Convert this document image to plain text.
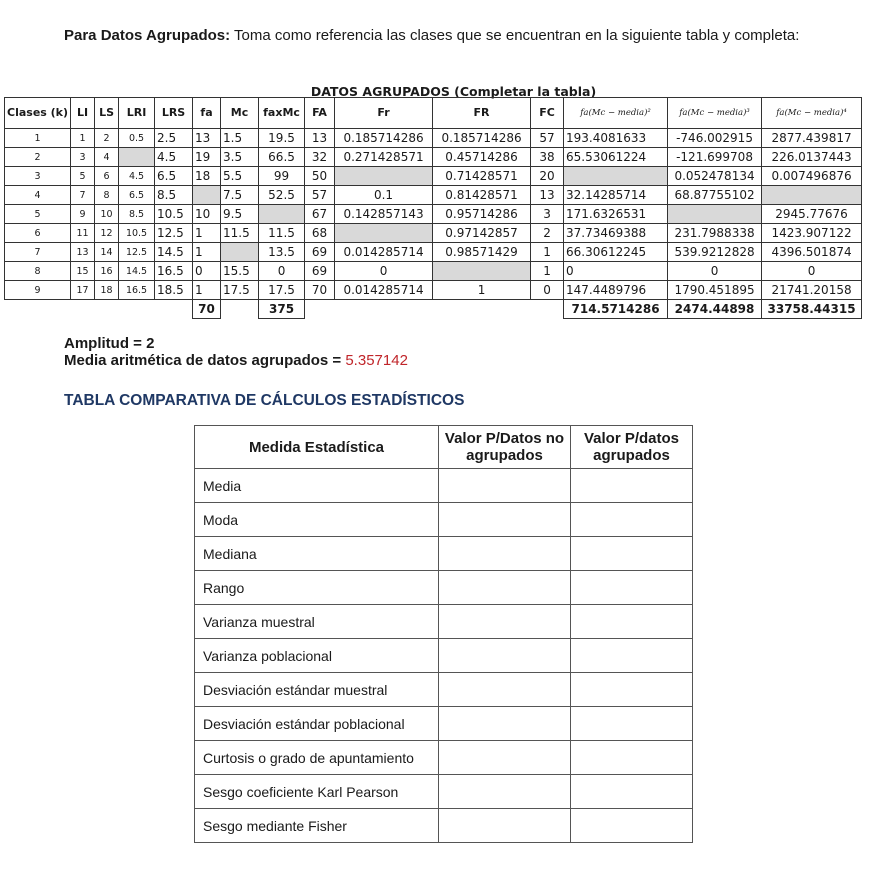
Para Datos Agrupados: Toma como referencia las clases que se encuentran en la siguiente tabla y completa:
DATOS AGRUPADOS (Completar la tabla)
Clases (k)	LI	LS	LRI	LRS	fa	Mc	faxMc	FA	Fr	FR	FC	fa(Mc − media)²	fa(Mc − media)³	fa(Mc − media)⁴
1	1	2	0.5	2.5	13	1.5	19.5	13	0.185714286	0.185714286	57	193.4081633	-746.002915	2877.439817
2	3	4		4.5	19	3.5	66.5	32	0.271428571	0.45714286	38	65.53061224	-121.699708	226.0137443
3	5	6	4.5	6.5	18	5.5	99	50		0.71428571	20		0.052478134	0.007496876
4	7	8	6.5	8.5		7.5	52.5	57	0.1	0.81428571	13	32.14285714	68.87755102	
5	9	10	8.5	10.5	10	9.5		67	0.142857143	0.95714286	3	171.6326531		2945.77676
6	11	12	10.5	12.5	1	11.5	11.5	68		0.97142857	2	37.73469388	231.7988338	1423.907122
7	13	14	12.5	14.5	1		13.5	69	0.014285714	0.98571429	1	66.30612245	539.9212828	4396.501874
8	15	16	14.5	16.5	0	15.5	0	69	0		1	0	0	0
9	17	18	16.5	18.5	1	17.5	17.5	70	0.014285714	1	0	147.4489796	1790.451895	21741.20158
					70		375					714.5714286	2474.44898	33758.44315
Amplitud = 2
Media aritmética de datos agrupados = 5.357142
TABLA COMPARATIVA DE CÁLCULOS ESTADÍSTICOS
Medida Estadística	Valor P/Datos no agrupados	Valor P/datos agrupados
Media		
Moda		
Mediana		
Rango		
Varianza muestral		
Varianza poblacional		
Desviación estándar muestral		
Desviación estándar poblacional		
Curtosis o grado de apuntamiento		
Sesgo coeficiente Karl Pearson		
Sesgo mediante Fisher		
